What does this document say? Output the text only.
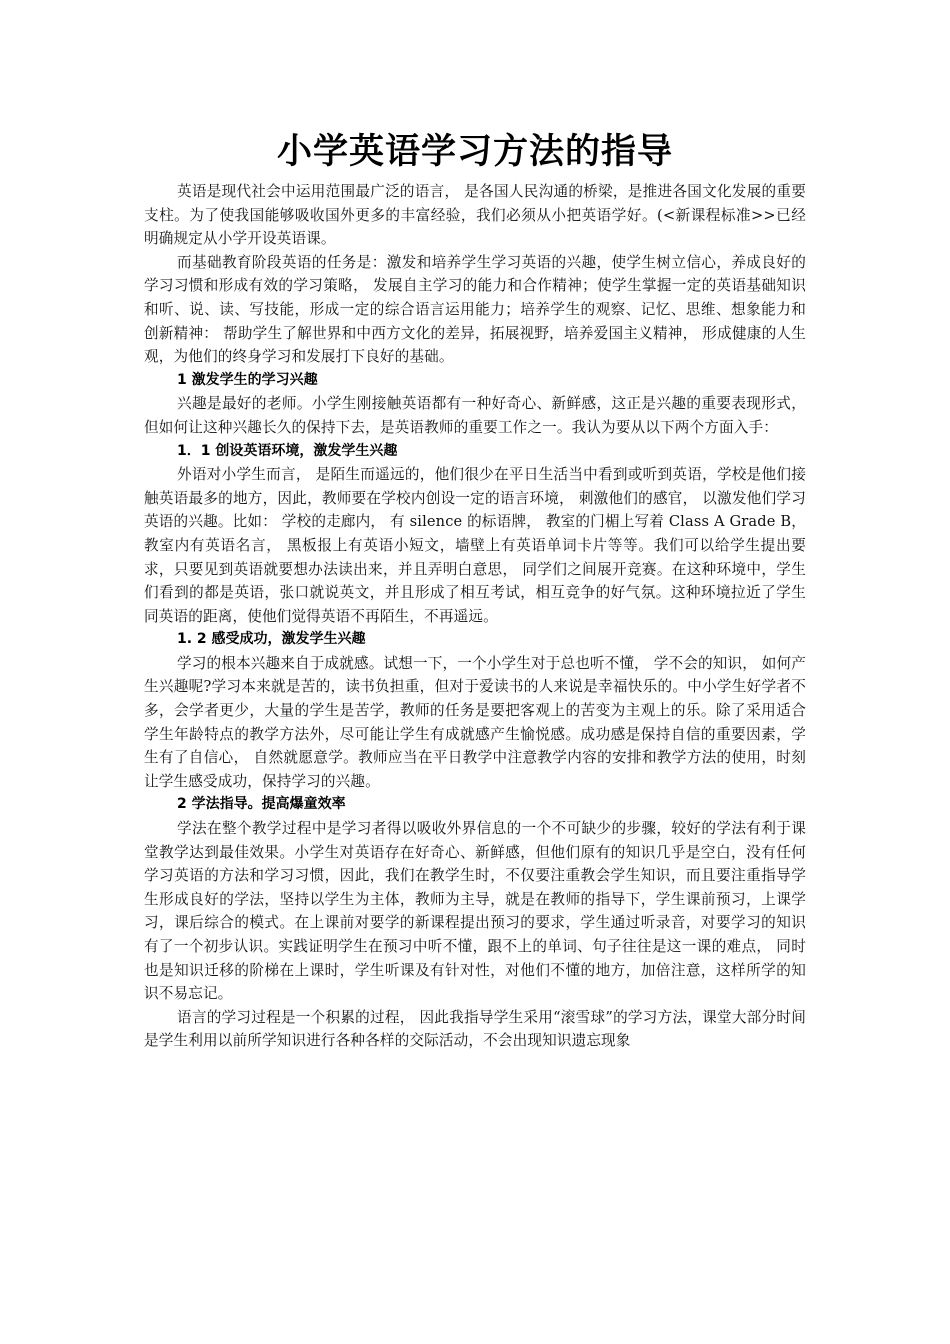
小学英语学习方法的指导

英语是现代社会中运用范围最广泛的语言， 是各国人民沟通的桥梁，是推进各国文化发展的重要支柱。为了使我国能够吸收国外更多的丰富经验，我们必须从小把英语学好。(<新课程标准>>已经明确规定从小学开设英语课。

而基础教育阶段英语的任务是：激发和培养学生学习英语的兴趣，使学生树立信心，养成良好的学习习惯和形成有效的学习策略， 发展自主学习的能力和合作精神；使学生掌握一定的英语基础知识和听、说、读、写技能，形成一定的综合语言运用能力；培养学生的观察、记忆、思维、想象能力和创新精神： 帮助学生了解世界和中西方文化的差异，拓展视野，培养爱国主义精神， 形成健康的人生观，为他们的终身学习和发展打下良好的基础。

1 激发学生的学习兴趣

兴趣是最好的老师。小学生刚接触英语都有一种好奇心、新鲜感，这正是兴趣的重要表现形式，但如何让这种兴趣长久的保持下去，是英语教师的重要工作之一。我认为要从以下两个方面入手：

1．1 创设英语环境，激发学生兴趣

外语对小学生而言， 是陌生而遥远的，他们很少在平日生活当中看到或听到英语，学校是他们接触英语最多的地方，因此，教师要在学校内创设一定的语言环境， 刺激他们的感官， 以激发他们学习英语的兴趣。比如： 学校的走廊内， 有 silence 的标语牌， 教室的门楣上写着 Class A Grade B，教室内有英语名言， 黑板报上有英语小短文，墙壁上有英语单词卡片等等。我们可以给学生提出要求，只要见到英语就要想办法读出来，并且弄明白意思， 同学们之间展开竞赛。在这种环境中，学生们看到的都是英语，张口就说英文，并且形成了相互考试，相互竞争的好气氛。这种环境拉近了学生同英语的距离，使他们觉得英语不再陌生，不再遥远。

1. 2 感受成功，激发学生兴趣

学习的根本兴趣来自于成就感。试想一下，一个小学生对于总也听不懂， 学不会的知识， 如何产生兴趣呢?学习本来就是苦的，读书负担重，但对于爱读书的人来说是幸福快乐的。中小学生好学者不多，会学者更少，大量的学生是苦学，教师的任务是要把客观上的苦变为主观上的乐。除了采用适合学生年龄特点的教学方法外，尽可能让学生有成就感产生愉悦感。成功感是保持自信的重要因素，学生有了自信心， 自然就愿意学。教师应当在平日教学中注意教学内容的安排和教学方法的使用，时刻让学生感受成功，保持学习的兴趣。

2 学法指导。提高爆童效率

学法在整个教学过程中是学习者得以吸收外界信息的一个不可缺少的步骤，较好的学法有利于课堂教学达到最佳效果。小学生对英语存在好奇心、新鲜感，但他们原有的知识几乎是空白，没有任何学习英语的方法和学习习惯，因此，我们在教学生时，不仅要注重教会学生知识，而且要注重指导学生形成良好的学法，坚持以学生为主体，教师为主导，就是在教师的指导下，学生课前预习，上课学习，课后综合的模式。在上课前对要学的新课程提出预习的要求，学生通过听录音，对要学习的知识有了一个初步认识。实践证明学生在预习中听不懂，跟不上的单词、句子往往是这一课的难点， 同时也是知识迁移的阶梯在上课时，学生听课及有针对性，对他们不懂的地方，加倍注意，这样所学的知识不易忘记。

语言的学习过程是一个积累的过程， 因此我指导学生采用“滚雪球”的学习方法，课堂大部分时间是学生利用以前所学知识进行各种各样的交际活动，不会出现知识遗忘现象
